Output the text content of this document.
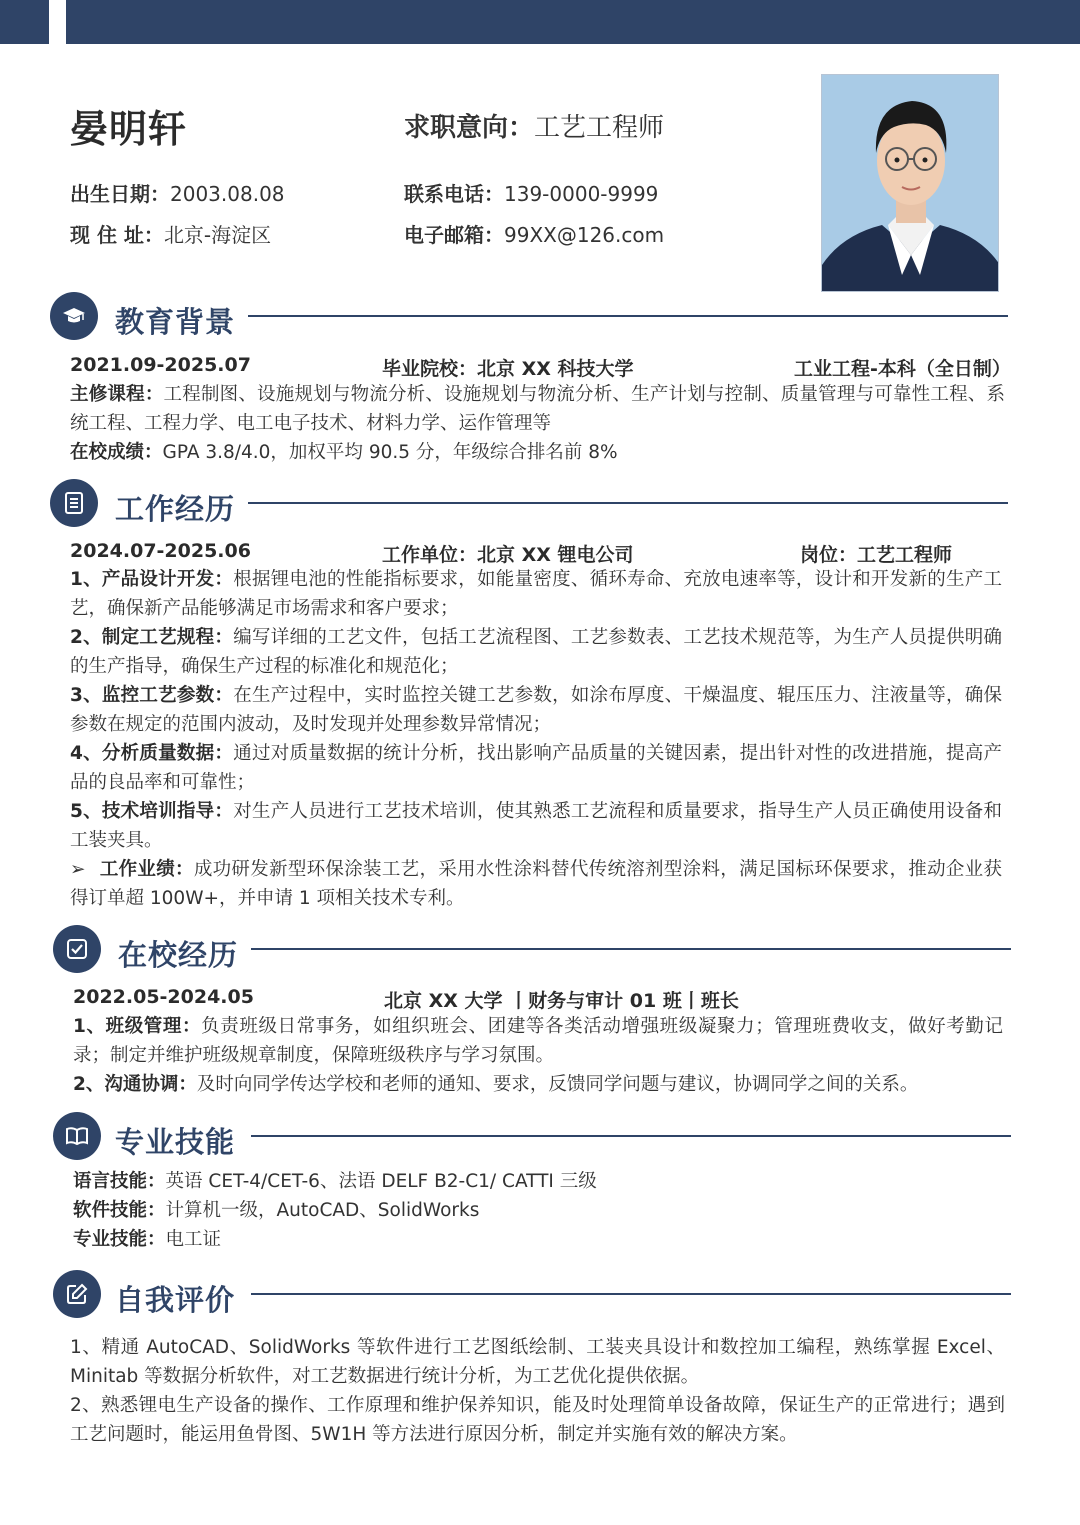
晏明轩	求职意向：工艺工程师
出生日期：2003.08.08
现 住 址：北京-海淀区
联系电话：139-0000-9999
电子邮箱：99XX@126.com
教育背景
2021.09-2025.07	毕业院校：北京 XX 科技大学	工业工程-本科（全日制）
主修课程：工程制图、设施规划与物流分析、设施规划与物流分析、生产计划与控制、质量管理与可靠性工程、系统工程、工程力学、电工电子技术、材料力学、运作管理等
在校成绩：GPA 3.8/4.0，加权平均 90.5 分，年级综合排名前 8%
工作经历
2024.07-2025.06	工作单位：北京 XX 锂电公司	岗位：工艺工程师
1、产品设计开发：根据锂电池的性能指标要求，如能量密度、循环寿命、充放电速率等，设计和开发新的生产工艺，确保新产品能够满足市场需求和客户要求；
2、制定工艺规程：编写详细的工艺文件，包括工艺流程图、工艺参数表、工艺技术规范等，为生产人员提供明确的生产指导，确保生产过程的标准化和规范化；
3、监控工艺参数：在生产过程中，实时监控关键工艺参数，如涂布厚度、干燥温度、辊压压力、注液量等，确保参数在规定的范围内波动，及时发现并处理参数异常情况；
4、分析质量数据：通过对质量数据的统计分析，找出影响产品质量的关键因素，提出针对性的改进措施，提高产品的良品率和可靠性；
5、技术培训指导：对生产人员进行工艺技术培训，使其熟悉工艺流程和质量要求，指导生产人员正确使用设备和工装夹具。
➢ 工作业绩：成功研发新型环保涂装工艺，采用水性涂料替代传统溶剂型涂料，满足国标环保要求，推动企业获得订单超 100W+，并申请 1 项相关技术专利。
在校经历
2022.05-2024.05	北京 XX 大学 丨财务与审计 01 班丨班长
1、班级管理：负责班级日常事务，如组织班会、团建等各类活动增强班级凝聚力；管理班费收支，做好考勤记录；制定并维护班级规章制度，保障班级秩序与学习氛围。
2、沟通协调：及时向同学传达学校和老师的通知、要求，反馈同学问题与建议，协调同学之间的关系。
专业技能
语言技能：英语 CET-4/CET-6、法语 DELF B2-C1/ CATTI 三级
软件技能：计算机一级，AutoCAD、SolidWorks
专业技能：电工证
自我评价
1、精通 AutoCAD、SolidWorks 等软件进行工艺图纸绘制、工装夹具设计和数控加工编程，熟练掌握 Excel、Minitab 等数据分析软件，对工艺数据进行统计分析，为工艺优化提供依据。
2、熟悉锂电生产设备的操作、工作原理和维护保养知识，能及时处理简单设备故障，保证生产的正常进行；遇到工艺问题时，能运用鱼骨图、5W1H 等方法进行原因分析，制定并实施有效的解决方案。
